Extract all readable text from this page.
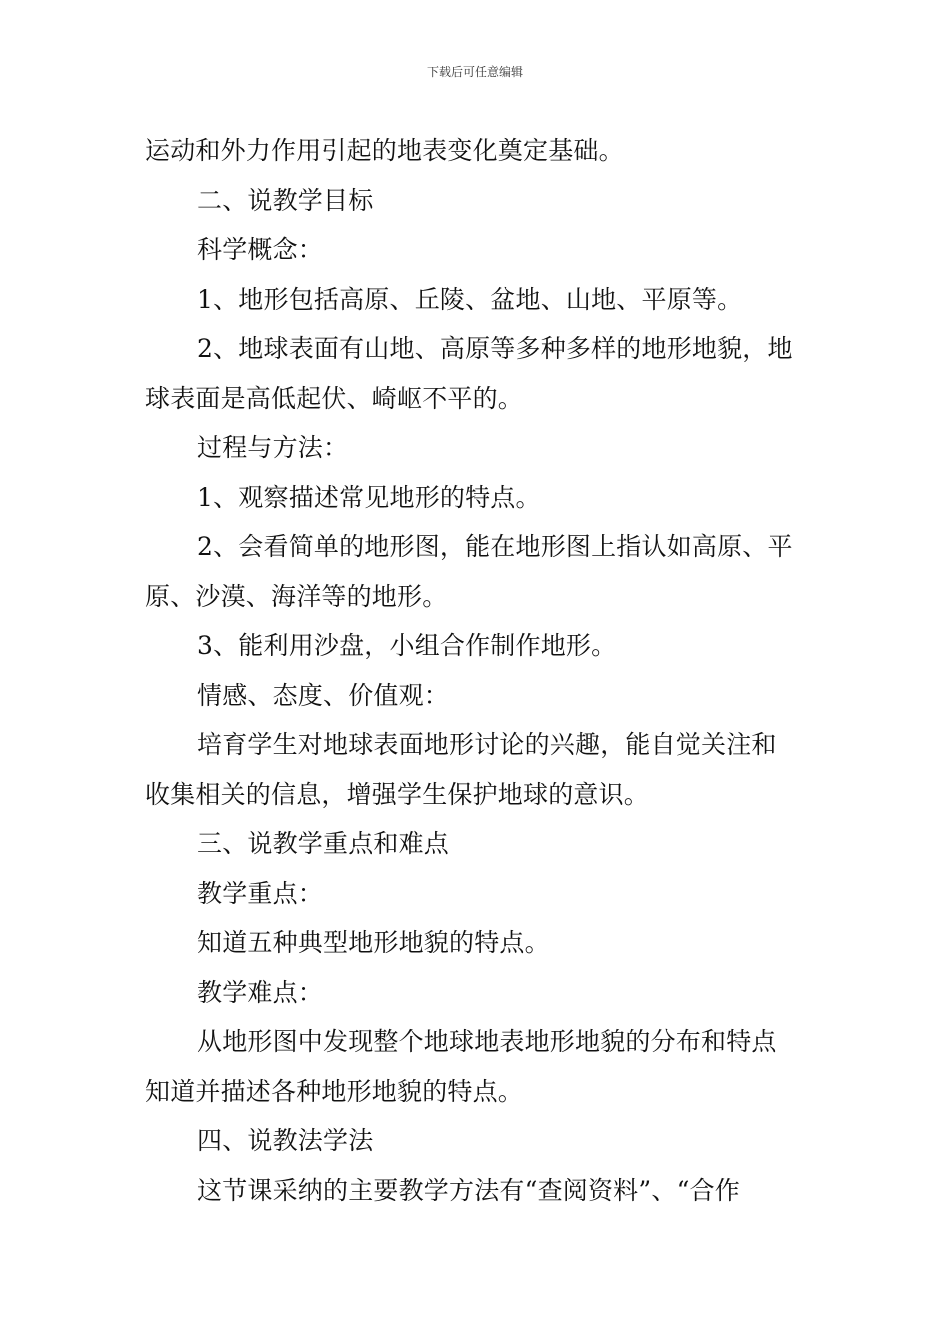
下载后可任意编辑
运动和外力作用引起的地表变化奠定基础。
二、说教学目标
科学概念：
1、地形包括高原、丘陵、盆地、山地、平原等。
2、地球表面有山地、高原等多种多样的地形地貌，地
球表面是高低起伏、崎岖不平的。
过程与方法：
1、观察描述常见地形的特点。
2、会看简单的地形图，能在地形图上指认如高原、平
原、沙漠、海洋等的地形。
3、能利用沙盘，小组合作制作地形。
情感、态度、价值观：
培育学生对地球表面地形讨论的兴趣，能自觉关注和
收集相关的信息，增强学生保护地球的意识。
三、说教学重点和难点
教学重点：
知道五种典型地形地貌的特点。
教学难点：
从地形图中发现整个地球地表地形地貌的分布和特点
知道并描述各种地形地貌的特点。
四、说教法学法
这节课采纳的主要教学方法有“查阅资料”、“合作
